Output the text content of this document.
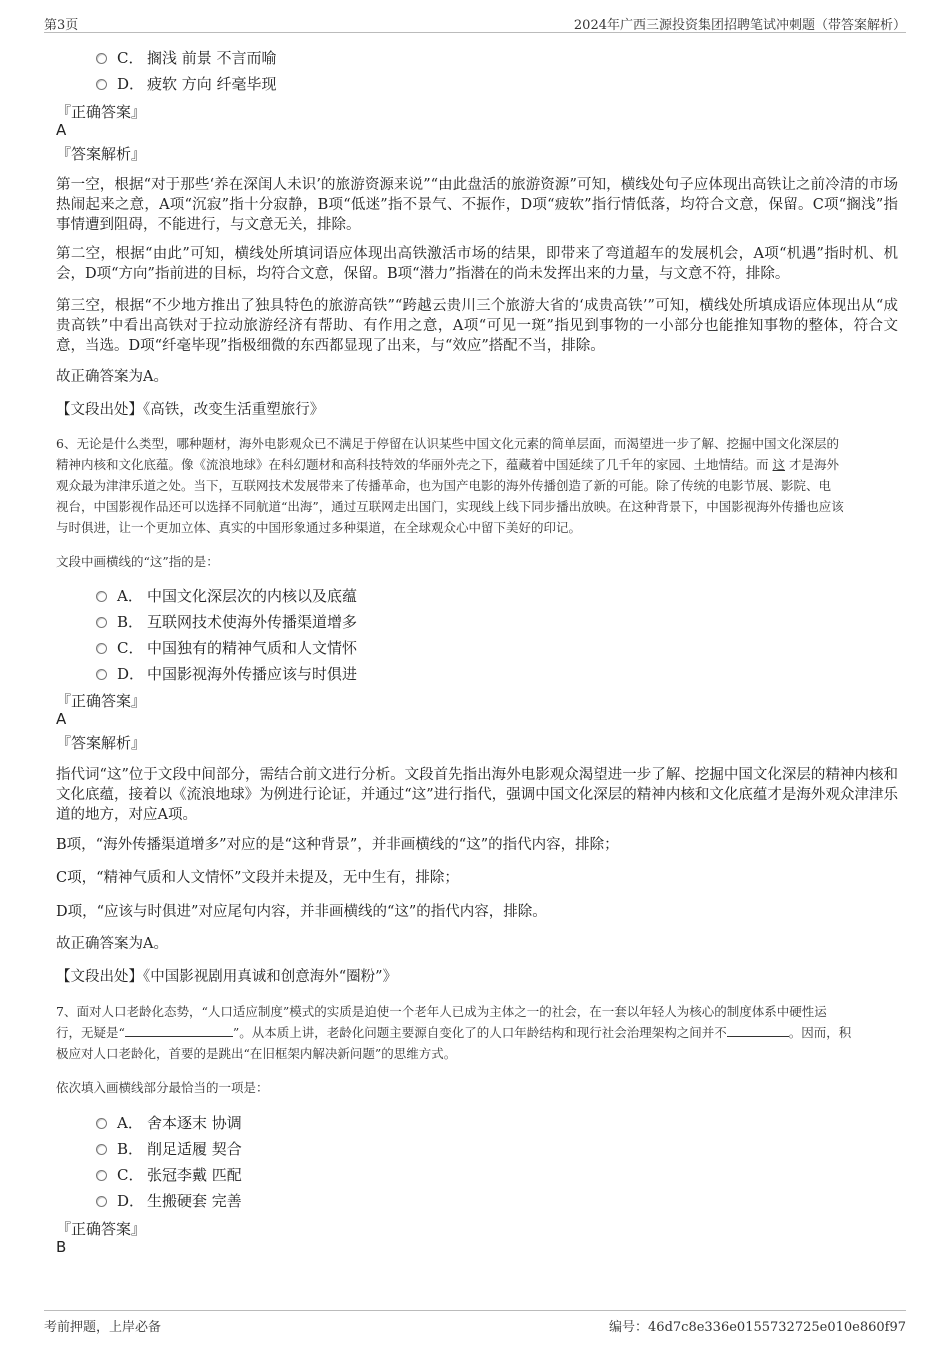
第3页	2024年广西三源投资集团招聘笔试冲刺题（带答案解析）
C． 搁浅 前景 不言而喻
D． 疲软 方向 纤毫毕现
『正确答案』
A
『答案解析』
第一空，根据“对于那些‘养在深闺人未识’的旅游资源来说”“由此盘活的旅游资源”可知，横线处句子应体现出高铁让之前冷清的市场热闹起来之意，A项“沉寂”指十分寂静，B项“低迷”指不景气、不振作，D项“疲软”指行情低落，均符合文意，保留。C项“搁浅”指事情遭到阻碍，不能进行，与文意无关，排除。
第二空，根据“由此”可知，横线处所填词语应体现出高铁激活市场的结果，即带来了弯道超车的发展机会，A项“机遇”指时机、机会，D项“方向”指前进的目标，均符合文意，保留。B项“潜力”指潜在的尚未发挥出来的力量，与文意不符，排除。
第三空，根据“不少地方推出了独具特色的旅游高铁”“跨越云贵川三个旅游大省的‘成贵高铁’”可知，横线处所填成语应体现出从“成贵高铁”中看出高铁对于拉动旅游经济有帮助、有作用之意，A项“可见一斑”指见到事物的一小部分也能推知事物的整体，符合文意，当选。D项“纤毫毕现”指极细微的东西都显现了出来，与“效应”搭配不当，排除。
故正确答案为A。
【文段出处】《高铁，改变生活重塑旅行》
6、无论是什么类型，哪种题材，海外电影观众已不满足于停留在认识某些中国文化元素的简单层面，而渴望进一步了解、挖掘中国文化深层的
精神内核和文化底蕴。像《流浪地球》在科幻题材和高科技特效的华丽外壳之下，蕴藏着中国延续了几千年的家园、土地情结。而 这 才是海外
观众最为津津乐道之处。当下，互联网技术发展带来了传播革命，也为国产电影的海外传播创造了新的可能。除了传统的电影节展、影院、电
视台，中国影视作品还可以选择不同航道“出海”，通过互联网走出国门，实现线上线下同步播出放映。在这种背景下，中国影视海外传播也应该
与时俱进，让一个更加立体、真实的中国形象通过多种渠道，在全球观众心中留下美好的印记。
文段中画横线的“这”指的是：
A． 中国文化深层次的内核以及底蕴
B． 互联网技术使海外传播渠道增多
C． 中国独有的精神气质和人文情怀
D． 中国影视海外传播应该与时俱进
『正确答案』
A
『答案解析』
指代词“这”位于文段中间部分，需结合前文进行分析。文段首先指出海外电影观众渴望进一步了解、挖掘中国文化深层的精神内核和文化底蕴，接着以《流浪地球》为例进行论证，并通过“这”进行指代，强调中国文化深层的精神内核和文化底蕴才是海外观众津津乐道的地方，对应A项。
B项，“海外传播渠道增多”对应的是“这种背景”，并非画横线的“这”的指代内容，排除；
C项，“精神气质和人文情怀”文段并未提及，无中生有，排除；
D项，“应该与时俱进”对应尾句内容，并非画横线的“这”的指代内容，排除。
故正确答案为A。
【文段出处】《中国影视剧用真诚和创意海外“圈粉”》
7、面对人口老龄化态势，“人口适应制度”模式的实质是迫使一个老年人已成为主体之一的社会，在一套以年轻人为核心的制度体系中硬性运
行，无疑是“	”。从本质上讲，老龄化问题主要源自变化了的人口年龄结构和现行社会治理架构之间并不	。因而，积
极应对人口老龄化，首要的是跳出“在旧框架内解决新问题”的思维方式。
依次填入画横线部分最恰当的一项是：
A． 舍本逐末 协调
B． 削足适履 契合
C． 张冠李戴 匹配
D． 生搬硬套 完善
『正确答案』
B
考前押题，上岸必备	编号：46d7c8e336e0155732725e010e860f97
